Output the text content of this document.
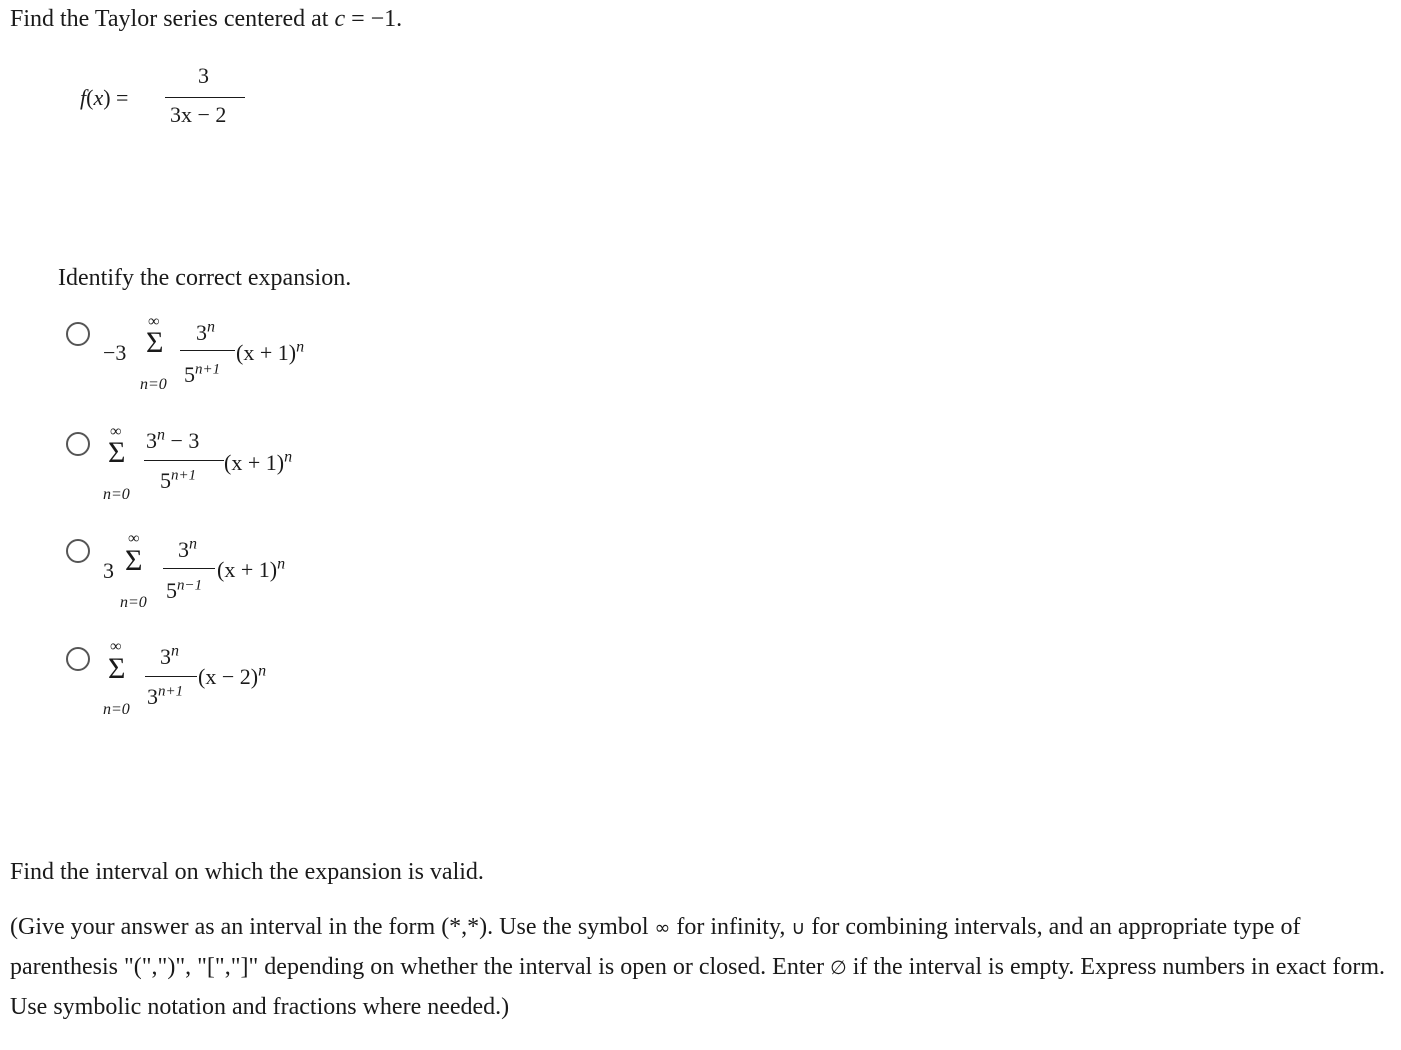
Find the Taylor series centered at c = −1.
f(x) =
3
3x − 2
Identify the correct expansion.
−3
∞
Σ
n=0
3$^n$
$5^{n+1}$
$(x + 1)^n$
∞
Σ
n=0
$3^n - 3$
$5^{n+1}$
$(x + 1)^n$
3
∞
Σ
n=0
3$^n$
$5^{n-1}$
$(x + 1)^n$
∞
Σ
n=0
3$^n$
$3^{n+1}$
$(x - 2)^n$
Find the interval on which the expansion is valid.
(Give your answer as an interval in the form (*,*). Use the symbol ∞ for infinity, ∪ for combining intervals, and an appropriate type of parenthesis "(",")", "[","]" depending on whether the interval is open or closed. Enter ∅ if the interval is empty. Express numbers in exact form. Use symbolic notation and fractions where needed.)
